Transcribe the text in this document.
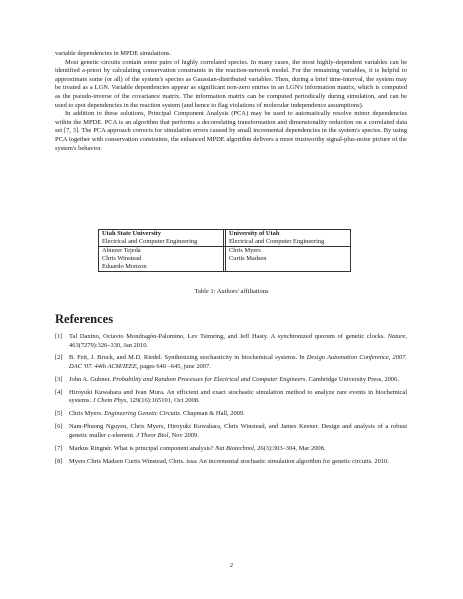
variable dependencies in MPDE simulations.

Most genetic circuits contain some pairs of highly correlated species. In many cases, the most highly-dependent variables can be identified a-priori by calculating conservation constraints in the reaction-network model. For the remaining variables, it is helpful to approximate some (or all) of the system's species as Gaussian-distributed variables. Then, during a brief time-interval, the system may be treated as a LGN. Variable dependencies appear as significant non-zero entries in an LGN's information matrix, which is computed as the pseudo-inverse of the covariance matrix. The information matrix can be computed periodically during simulation, and can be used to spot dependencies in the reaction system (and hence to flag violations of molecular independence assumptions).

In addition to these solutions, Principal Component Analysis (PCA) may be used to automatically resolve minor dependencies within the MPDE. PCA is an algorithm that performs a decorrelating transformation and dimensionality reduction on a correlated data set [7, 3]. The PCA approach corrects for simulation errors caused by small incremental dependencies in the system's species. By using PCA together with conservation constraints, the enhanced MPDE algorithm delivers a more trustworthy signal-plus-noise picture of the system's behavior.

Utah State University		University of Utah
Electrical and Computer Engineering		Electrical and Computer Engineering
Abiezer Tejeda		Chris Myers
Chris Winstead		Curtis Madsen
Eduardo Monzon		
Table 1: Authors' affiliations
References
[1]	Tal Danino, Octavio Mondragón-Palomino, Lev Tsimring, and Jeff Hasty. A synchronized quorum of genetic clocks. Nature, 463(7279):326–330, Jan 2010.
[2]	B. Fett, J. Bruck, and M.D. Riedel. Synthesizing stochasticity in biochemical systems. In Design Automation Conference, 2007. DAC '07. 44th ACM/IEEE, pages 640 –645, june 2007.
[3]	John A. Gubner. Probability and Random Processes for Electrical and Computer Engineers. Cambridge University Press, 2006.
[4]	Hiroyuki Kuwahara and Ivan Mura. An efficient and exact stochastic simulation method to analyze rare events in biochemical systems. J Chem Phys, 129(16):165101, Oct 2008.
[5]	Chris Myers. Engineering Genetic Circuits. Chapman & Hall, 2009.
[6]	Nam-Phuong Nguyen, Chris Myers, Hiroyuki Kuwahara, Chris Winstead, and James Keener. Design and analysis of a robust genetic muller c-element. J Theor Biol, Nov 2009.
[7]	Markus Ringnér. What is principal component analysis? Nat Biotechnol, 26(3):303–304, Mar 2008.
[8]	Myers Chris Madsen Curtis Winstead, Chris. issa: An incremental stochastic simulation algorithm for genetic circuits. 2010.
2
